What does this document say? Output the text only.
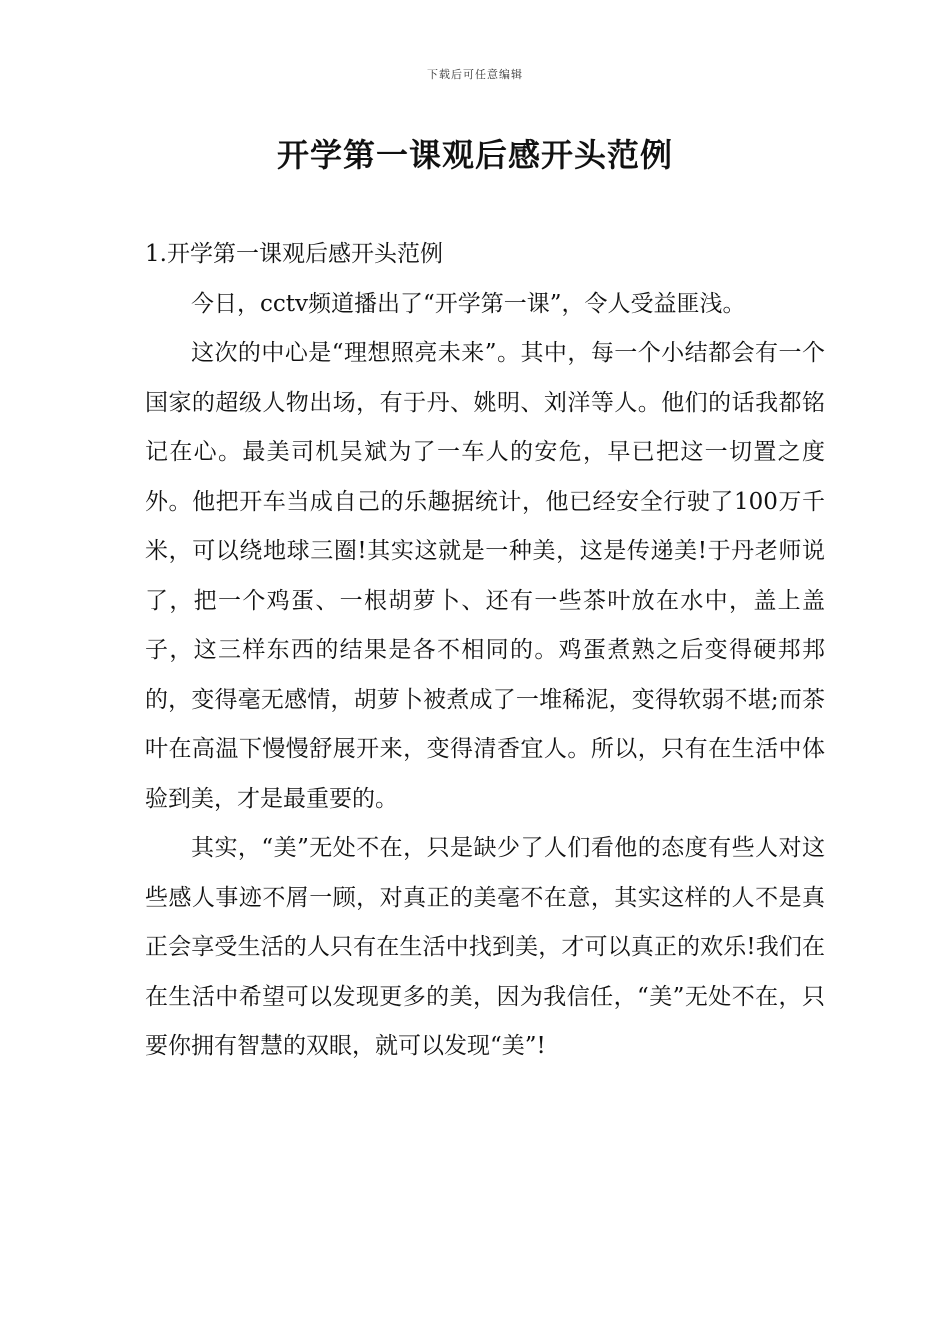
下载后可任意编辑
开学第一课观后感开头范例

1.开学第一课观后感开头范例

今日，cctv频道播出了“开学第一课”，令人受益匪浅。

这次的中心是“理想照亮未来”。其中，每一个小结都会有一个国家的超级人物出场，有于丹、姚明、刘洋等人。他们的话我都铭记在心。最美司机吴斌为了一车人的安危，早已把这一切置之度外。他把开车当成自己的乐趣据统计，他已经安全行驶了100万千米，可以绕地球三圈!其实这就是一种美，这是传递美!于丹老师说了，把一个鸡蛋、一根胡萝卜、还有一些茶叶放在水中，盖上盖子，这三样东西的结果是各不相同的。鸡蛋煮熟之后变得硬邦邦的，变得毫无感情，胡萝卜被煮成了一堆稀泥，变得软弱不堪;而茶叶在高温下慢慢舒展开来，变得清香宜人。所以，只有在生活中体验到美，才是最重要的。

其实，“美”无处不在，只是缺少了人们看他的态度有些人对这些感人事迹不屑一顾，对真正的美毫不在意，其实这样的人不是真正会享受生活的人只有在生活中找到美，才可以真正的欢乐!我们在在生活中希望可以发现更多的美，因为我信任，“美”无处不在，只要你拥有智慧的双眼，就可以发现“美”!
